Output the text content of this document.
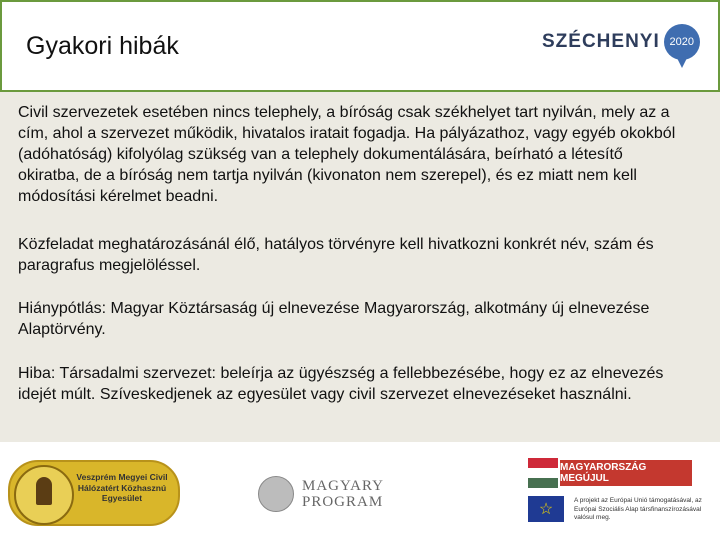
Gyakori hibák	SZÉCHENYI 2020

Civil szervezetek esetében nincs telephely, a bíróság csak székhelyet tart nyilván, mely az a cím, ahol a szervezet működik, hivatalos iratait fogadja. Ha pályázathoz, vagy egyéb okokból (adóhatóság) kifolyólag szükség van a telephely dokumentálására, beírható a létesítő okiratba, de a bíróság nem tartja nyilván (kivonaton nem szerepel), és ez miatt nem kell módosítási kérelmet beadni.

Közfeladat meghatározásánál élő, hatályos törvényre kell hivatkozni konkrét név, szám és paragrafus megjelöléssel.

Hiánypótlás: Magyar Köztársaság új elnevezése Magyarország, alkotmány új elnevezése Alaptörvény.

Hiba: Társadalmi szervezet: beleírja az ügyészség a fellebbezésébe, hogy ez az elnevezés idejét múlt. Szíveskedjenek az egyesület vagy civil szervezet elnevezéseket használni.

Veszprém Megyei Civil Hálózatért Közhasznú Egyesület
MAGYARY
PROGRAM
MAGYARORSZÁG MEGÚJUL
☆
A projekt az Európai Unió támogatásával, az Európai Szociális Alap társfinanszírozásával valósul meg.
